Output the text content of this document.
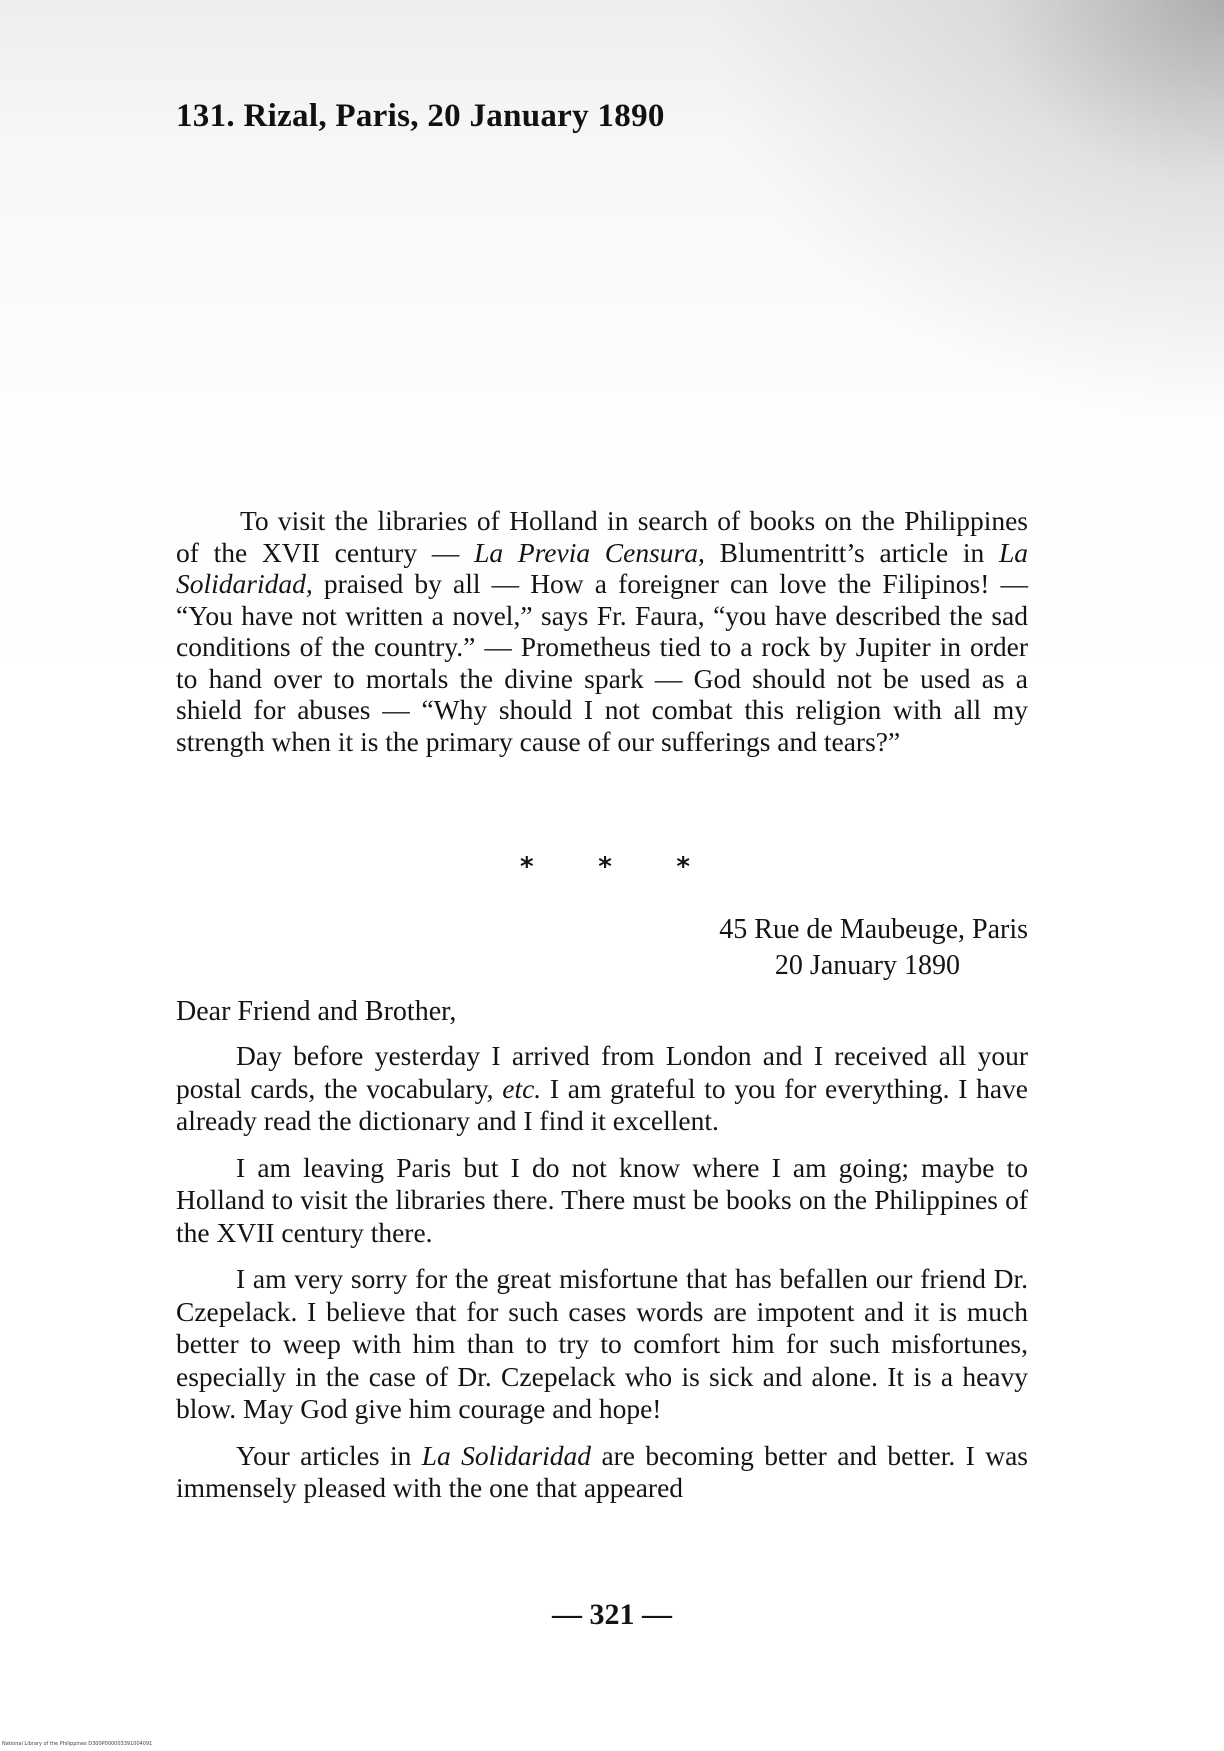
131. Rizal, Paris, 20 January 1890

To visit the libraries of Holland in search of books on the Philippines of the XVII century — La Previa Censura, Blumentritt’s article in La Solidaridad, praised by all — How a foreigner can love the Filipinos! — “You have not written a novel,” says Fr. Faura, “you have described the sad conditions of the country.” — Prometheus tied to a rock by Jupiter in order to hand over to mortals the divine spark — God should not be used as a shield for abuses — “Why should I not combat this religion with all my strength when it is the primary cause of our sufferings and tears?”

* * *

45 Rue de Maubeuge, Paris
20 January 1890

Dear Friend and Brother,

Day before yesterday I arrived from London and I received all your postal cards, the vocabulary, etc. I am grateful to you for everything. I have already read the dictionary and I find it excellent.

I am leaving Paris but I do not know where I am going; maybe to Holland to visit the libraries there. There must be books on the Philippines of the XVII century there.

I am very sorry for the great misfortune that has befallen our friend Dr. Czepelack. I believe that for such cases words are impotent and it is much better to weep with him than to try to comfort him for such misfortunes, especially in the case of Dr. Czepelack who is sick and alone. It is a heavy blow. May God give him courage and hope!

Your articles in La Solidaridad are becoming better and better. I was immensely pleased with the one that appeared

— 321 —

National Library of the Philippines D300P000003391004091
